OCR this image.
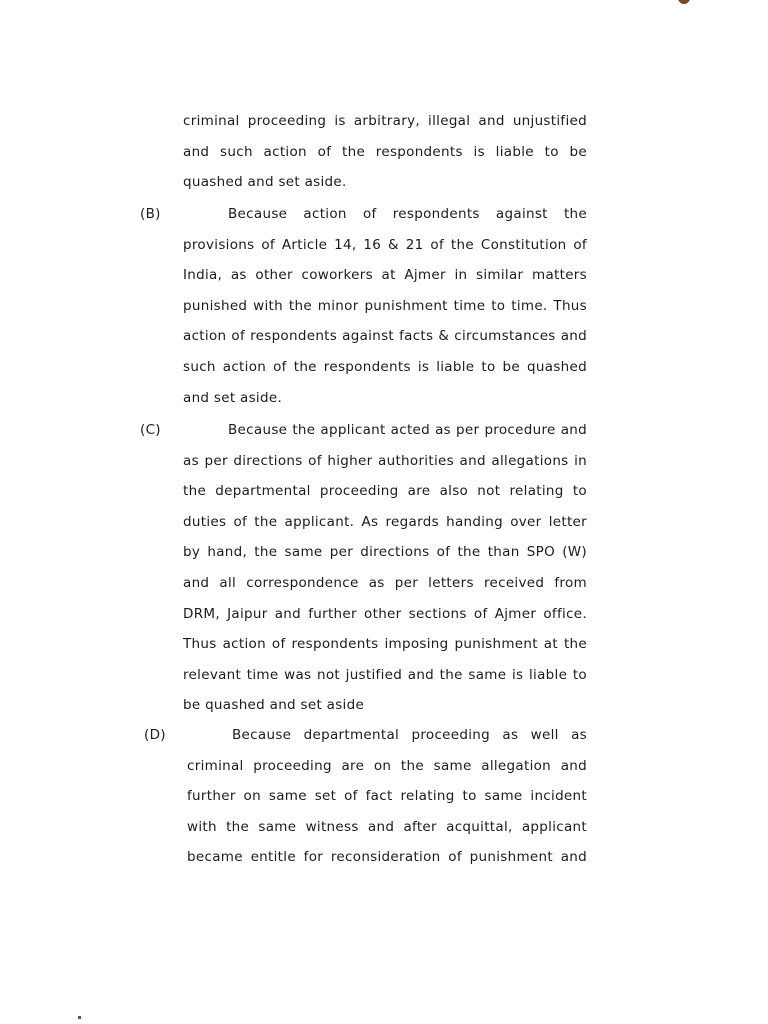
criminal proceeding is arbitrary, illegal and unjustified
and such action of the respondents is liable to be
quashed and set aside.
(B)	Because action of respondents against the
provisions of Article 14, 16 & 21 of the Constitution of
India, as other coworkers at Ajmer in similar matters
punished with the minor punishment time to time. Thus
action of respondents against facts & circumstances and
such action of the respondents is liable to be quashed
and set aside.
(C)	Because the applicant acted as per procedure and
as per directions of higher authorities and allegations in
the departmental proceeding are also not relating to
duties of the applicant. As regards handing over letter
by hand, the same per directions of the than SPO (W)
and all correspondence as per letters received from
DRM, Jaipur and further other sections of Ajmer office.
Thus action of respondents imposing punishment at the
relevant time was not justified and the same is liable to
be quashed and set aside
(D)	Because departmental proceeding as well as
criminal proceeding are on the same allegation and
further on same set of fact relating to same incident
with the same witness and after acquittal, applicant
became entitle for reconsideration of punishment and
